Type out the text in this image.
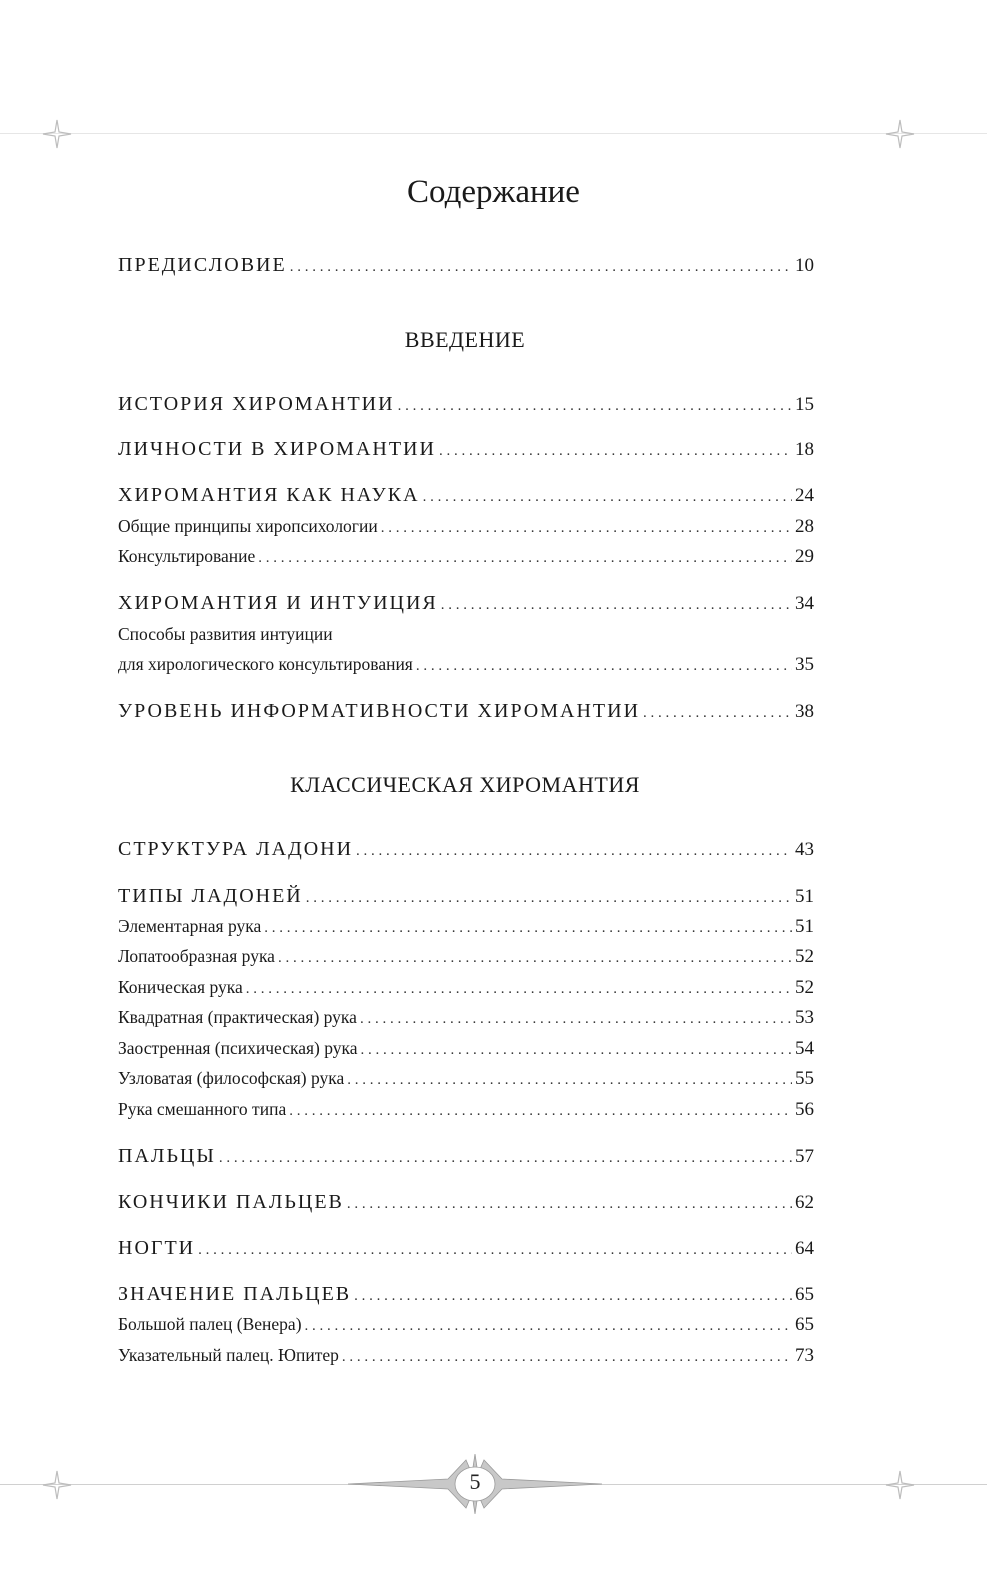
5
Содержание
ПРЕДИСЛОВИЕ . . .	10
ВВЕДЕНИЕ
ИСТОРИЯ ХИРОМАНТИИ . . .	15
ЛИЧНОСТИ В ХИРОМАНТИИ . . .	18
ХИРОМАНТИЯ КАК НАУКА . . .	24
Общие принципы хиропсихологии . . .	28
Консультирование . . .	29
ХИРОМАНТИЯ И ИНТУИЦИЯ . . .	34
Способы развития интуиции
для хирологического консультирования . . .	35
УРОВЕНЬ ИНФОРМАТИВНОСТИ ХИРОМАНТИИ . . .	38
КЛАССИЧЕСКАЯ ХИРОМАНТИЯ
СТРУКТУРА ЛАДОНИ . . .	43
ТИПЫ ЛАДОНЕЙ . . .	51
Элементарная рука . . .	51
Лопатообразная рука . . .	52
Коническая рука . . .	52
Квадратная (практическая) рука . . .	53
Заостренная (психическая) рука . . .	54
Узловатая (философская) рука . . .	55
Рука смешанного типа . . .	56
ПАЛЬЦЫ . . .	57
КОНЧИКИ ПАЛЬЦЕВ . . .	62
НОГТИ . . .	64
ЗНАЧЕНИЕ ПАЛЬЦЕВ . . .	65
Большой палец (Венера) . . .	65
Указательный палец. Юпитер . . .	73
